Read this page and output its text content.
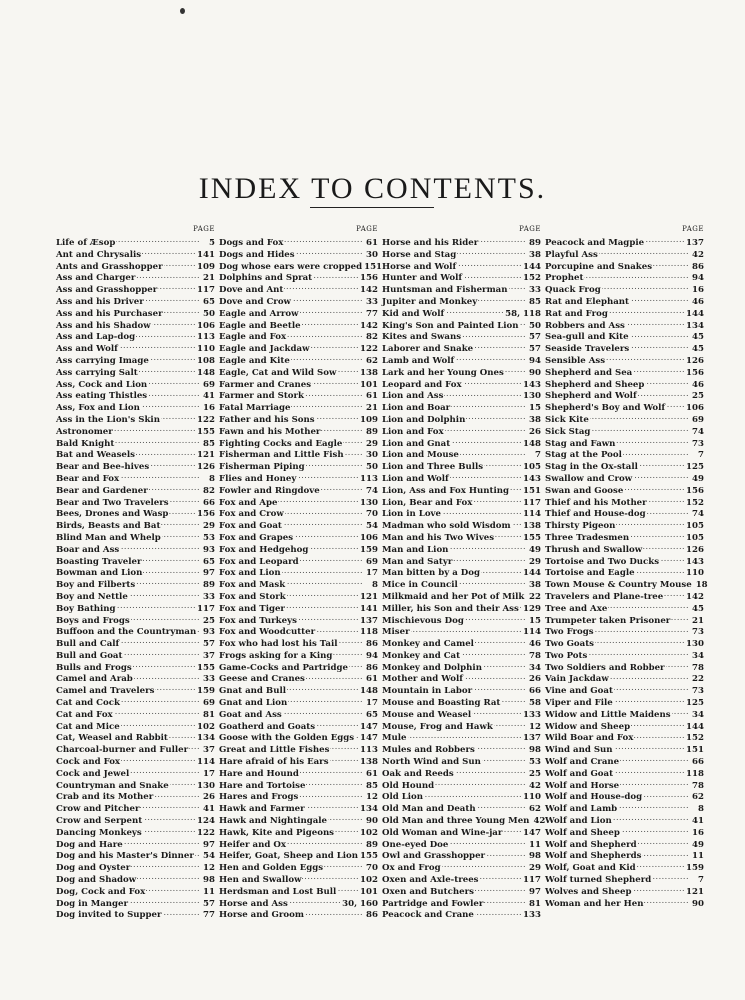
INDEX TO CONTENTS.
PAGE
Life of Æsop .....	5
Ant and Chrysalis .....	141
Ants and Grasshopper .....	109
Ass and Charger .....	21
Ass and Grasshopper .....	117
Ass and his Driver .....	65
Ass and his Purchaser .....	50
Ass and his Shadow .....	106
Ass and Lap-dog .....	113
Ass and Wolf .....	110
Ass carrying Image .....	108
Ass carrying Salt .....	148
Ass, Cock and Lion .....	69
Ass eating Thistles .....	41
Ass, Fox and Lion .....	16
Ass in the Lion's Skin .....	122
Astronomer .....	155
Bald Knight .....	85
Bat and Weasels .....	121
Bear and Bee-hives .....	126
Bear and Fox .....	8
Bear and Gardener .....	82
Bear and Two Travelers .....	66
Bees, Drones and Wasp .....	156
Birds, Beasts and Bat .....	29
Blind Man and Whelp .....	53
Boar and Ass .....	93
Boasting Traveler .....	65
Bowman and Lion .....	97
Boy and Filberts .....	89
Boy and Nettle .....	33
Boy Bathing .....	117
Boys and Frogs .....	25
Buffoon and the Countryman ..... 93
Bull and Calf .....	57
Bull and Goat .....	37
Bulls and Frogs .....	155
Camel and Arab .....	33
Camel and Travelers .....	159
Cat and Cock .....	69
Cat and Fox .....	81
Cat and Mice .....	102
Cat, Weasel and Rabbit .....	134
Charcoal-burner and Fuller ..... 37
Cock and Fox .....	114
Cock and Jewel .....	17
Countryman and Snake .....	130
Crab and its Mother .....	26
Crow and Pitcher .....	41
Crow and Serpent .....	124
Dancing Monkeys .....	122
Dog and Hare .....	97
Dog and his Master's Dinner ..... 54
Dog and Oyster .....	12
Dog and Shadow .....	98
Dog, Cock and Fox .....	11
Dog in Manger .....	57
Dog invited to Supper .....	77
PAGE
Dogs and Fox .....	61
Dogs and Hides .....	30
Dog whose ears were cropped 151
Dolphins and Sprat .....	156
Dove and Ant .....	142
Dove and Crow .....	33
Eagle and Arrow .....	77
Eagle and Beetle .....	142
Eagle and Fox .....	82
Eagle and Jackdaw .....	122
Eagle and Kite .....	62
Eagle, Cat and Wild Sow .....	138
Farmer and Cranes .....	101
Farmer and Stork .....	61
Fatal Marriage .....	21
Father and his Sons .....	109
Fawn and his Mother .....	89
Fighting Cocks and Eagle .....	29
Fisherman and Little Fish .....	30
Fisherman Piping .....	50
Flies and Honey .....	113
Fowler and Ringdove .....	74
Fox and Ape .....	130
Fox and Crow .....	70
Fox and Goat .....	54
Fox and Grapes .....	106
Fox and Hedgehog .....	159
Fox and Leopard .....	69
Fox and Lion .....	17
Fox and Mask .....	8
Fox and Stork .....	121
Fox and Tiger .....	141
Fox and Turkeys .....	137
Fox and Woodcutter .....	118
Fox who had lost his Tail .....	86
Frogs asking for a King .....	94
Game-Cocks and Partridge ..... 86
Geese and Cranes .....	61
Gnat and Bull .....	148
Gnat and Lion .....	17
Goat and Ass .....	65
Goatherd and Goats .....	147
Goose with the Golden Eggs ..... 147
Great and Little Fishes .....	113
Hare afraid of his Ears .....	138
Hare and Hound .....	61
Hare and Tortoise .....	85
Hares and Frogs .....	12
Hawk and Farmer .....	134
Hawk and Nightingale .....	90
Hawk, Kite and Pigeons .....	102
Heifer and Ox .....	89
Heifer, Goat, Sheep and Lion ..... 155
Hen and Golden Eggs .....	70
Hen and Swallow .....	102
Herdsman and Lost Bull .....	101
Horse and Ass .....	30, 160
Horse and Groom .....	86
PAGE
Horse and his Rider .....	89
Horse and Stag .....	38
Horse and Wolf .....	144
Hunter and Wolf .....	152
Huntsman and Fisherman .....	33
Jupiter and Monkey .....	85
Kid and Wolf .....	58, 118
King's Son and Painted Lion ..... 50
Kites and Swans .....	57
Laborer and Snake .....	57
Lamb and Wolf .....	94
Lark and her Young Ones .....	90
Leopard and Fox .....	143
Lion and Ass .....	130
Lion and Boar .....	15
Lion and Dolphin .....	38
Lion and Fox .....	26
Lion and Gnat .....	148
Lion and Mouse .....	7
Lion and Three Bulls .....	105
Lion and Wolf .....	143
Lion, Ass and Fox Hunting ..... 151
Lion, Bear and Fox .....	117
Lion in Love .....	114
Madman who sold Wisdom ..... 138
Man and his Two Wives .....	155
Man and Lion .....	49
Man and Satyr .....	29
Man bitten by a Dog .....	144
Mice in Council .....	38
Milkmaid and her Pot of Milk ..... 22
Miller, his Son and their Ass ..... 129
Mischievous Dog .....	15
Miser .....	114
Monkey and Camel .....	46
Monkey and Cat .....	78
Monkey and Dolphin .....	34
Mother and Wolf .....	26
Mountain in Labor .....	66
Mouse and Boasting Rat .....	58
Mouse and Weasel .....	133
Mouse, Frog and Hawk .....	12
Mule .....	137
Mules and Robbers .....	98
North Wind and Sun .....	53
Oak and Reeds .....	25
Old Hound .....	42
Old Lion .....	110
Old Man and Death .....	62
Old Man and three Young Men 42
Old Woman and Wine-jar ..... 147
One-eyed Doe .....	11
Owl and Grasshopper .....	98
Ox and Frog .....	29
Oxen and Axle-trees .....	117
Oxen and Butchers .....	97
Partridge and Fowler .....	81
Peacock and Crane .....	133
PAGE
Peacock and Magpie .....	137
Playful Ass .....	42
Porcupine and Snakes .....	86
Prophet .....	94
Quack Frog .....	16
Rat and Elephant .....	46
Rat and Frog .....	144
Robbers and Ass .....	134
Sea-gull and Kite .....	45
Seaside Travelers .....	45
Sensible Ass .....	126
Shepherd and Sea .....	156
Shepherd and Sheep .....	46
Shepherd and Wolf .....	25
Shepherd's Boy and Wolf ..... 106
Sick Kite .....	69
Sick Stag .....	74
Stag and Fawn .....	73
Stag at the Pool .....	7
Stag in the Ox-stall .....	125
Swallow and Crow .....	49
Swan and Goose .....	156
Thief and his Mother .....	152
Thief and House-dog .....	74
Thirsty Pigeon .....	105
Three Tradesmen .....	105
Thrush and Swallow .....	126
Tortoise and Two Ducks .....	143
Tortoise and Eagle .....	110
Town Mouse & Country Mouse 18
Travelers and Plane-tree .....	142
Tree and Axe .....	45
Trumpeter taken Prisoner .....	21
Two Frogs .....	73
Two Goats .....	130
Two Pots .....	34
Two Soldiers and Robber .....	78
Vain Jackdaw .....	22
Vine and Goat .....	73
Viper and File .....	125
Widow and Little Maidens ..... 34
Widow and Sheep .....	144
Wild Boar and Fox .....	152
Wind and Sun .....	151
Wolf and Crane .....	66
Wolf and Goat .....	118
Wolf and Horse .....	78
Wolf and House-dog .....	62
Wolf and Lamb .....	8
Wolf and Lion .....	41
Wolf and Sheep .....	16
Wolf and Shepherd .....	49
Wolf and Shepherds .....	11
Wolf, Goat and Kid .....	159
Wolf turned Shepherd .....	7
Wolves and Sheep .....	121
Woman and her Hen .....	90
